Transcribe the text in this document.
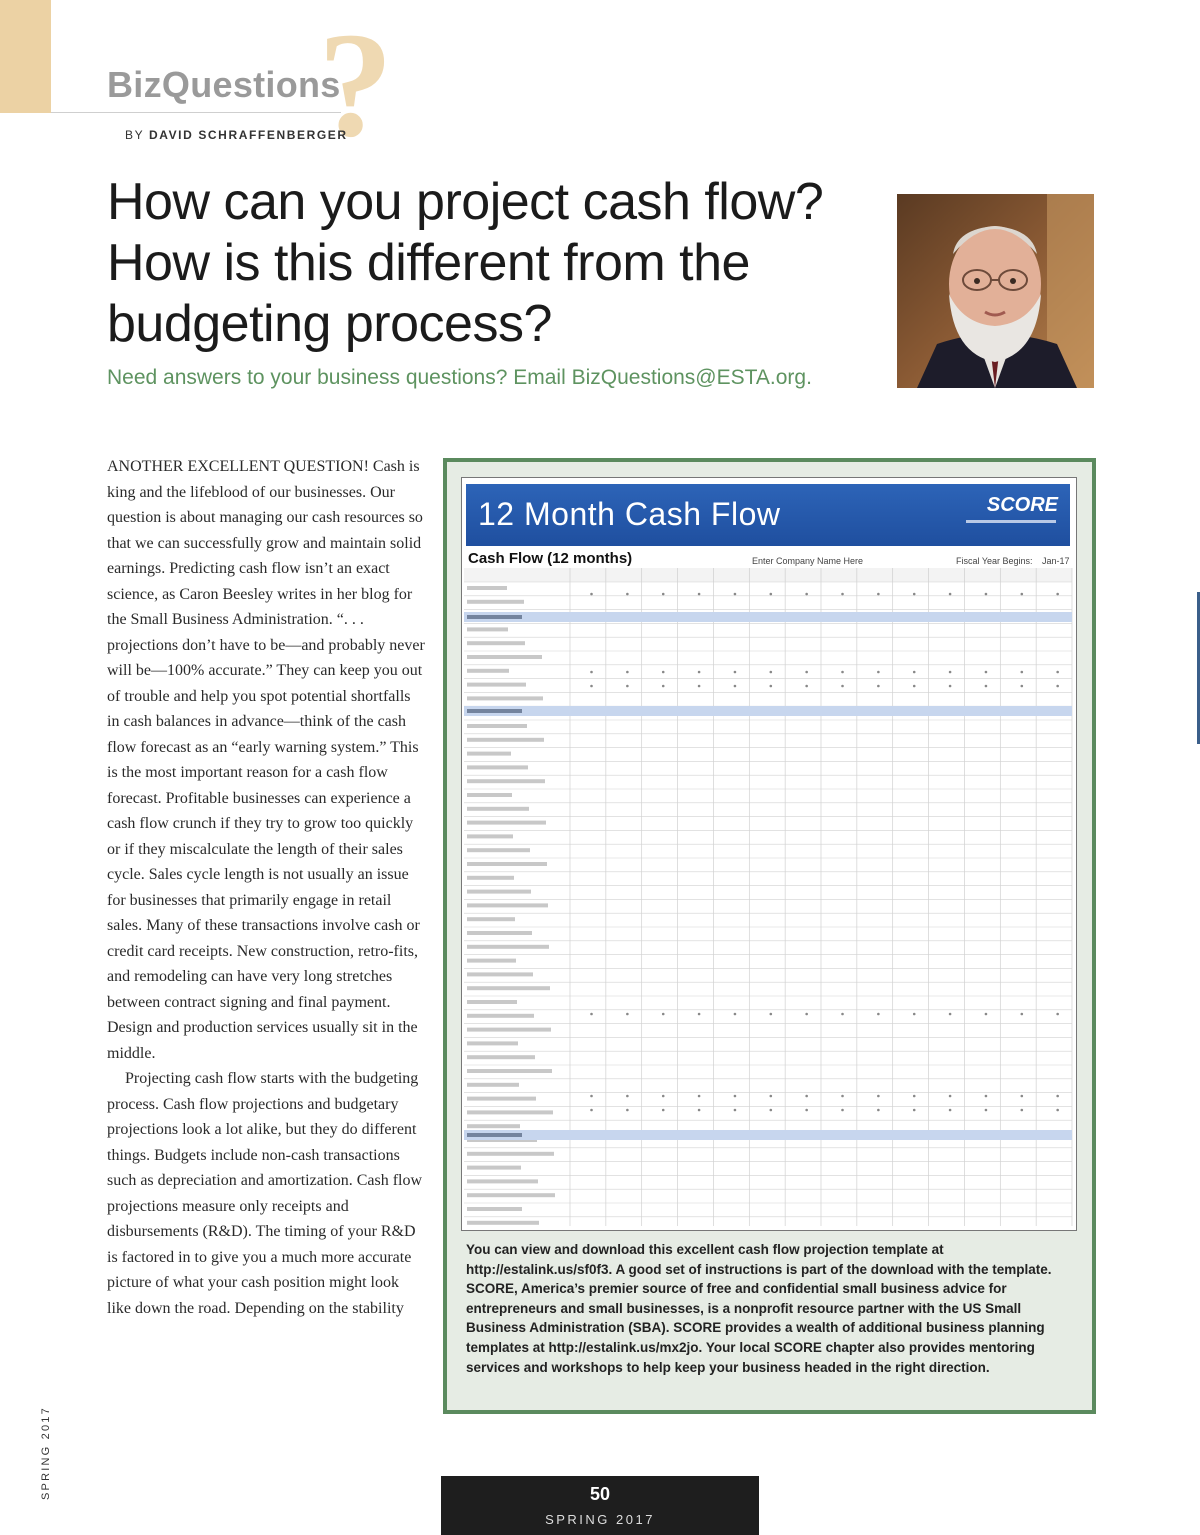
?
BizQuestions
BY DAVID SCHRAFFENBERGER
How can you project cash flow? How is this different from the budgeting process?
Need answers to your business questions? Email BizQuestions@ESTA.org.

ANOTHER EXCELLENT QUESTION! Cash is king and the lifeblood of our businesses. Our question is about managing our cash resources so that we can successfully grow and maintain solid earnings. Predicting cash flow isn’t an exact science, as Caron Beesley writes in her blog for the Small Business Administration. “. . . projections don’t have to be—and probably never will be—100% accurate.” They can keep you out of trouble and help you spot potential shortfalls in cash balances in advance—think of the cash flow forecast as an “early warning system.” This is the most important reason for a cash flow forecast. Profitable businesses can experience a cash flow crunch if they try to grow too quickly or if they miscalculate the length of their sales cycle. Sales cycle length is not usually an issue for businesses that primarily engage in retail sales. Many of these transactions involve cash or credit card receipts. New construction, retro-fits, and remodeling can have very long stretches between contract signing and final payment. Design and production services usually sit in the middle.

Projecting cash flow starts with the budgeting process. Cash flow projections and budgetary projections look a lot alike, but they do different things. Budgets include non-cash transactions such as depreciation and amortization. Cash flow projections measure only receipts and disbursements (R&D). The timing of your R&D is factored in to give you a much more accurate picture of what your cash position might look like down the road. Depending on the stability

12 Month Cash Flow	SCORE
Cash Flow (12 months)	Enter Company Name Here	Fiscal Year Begins: Jan-17
You can view and download this excellent cash flow projection template at http://estalink.us/sf0f3. A good set of instructions is part of the download with the template. SCORE, America’s premier source of free and confidential small business advice for entrepreneurs and small businesses, is a nonprofit resource partner with the US Small Business Administration (SBA). SCORE provides a wealth of additional business planning templates at http://estalink.us/mx2jo. Your local SCORE chapter also provides mentoring services and workshops to help keep your business headed in the right direction.
SPRING 2017	50
SPRING 2017
